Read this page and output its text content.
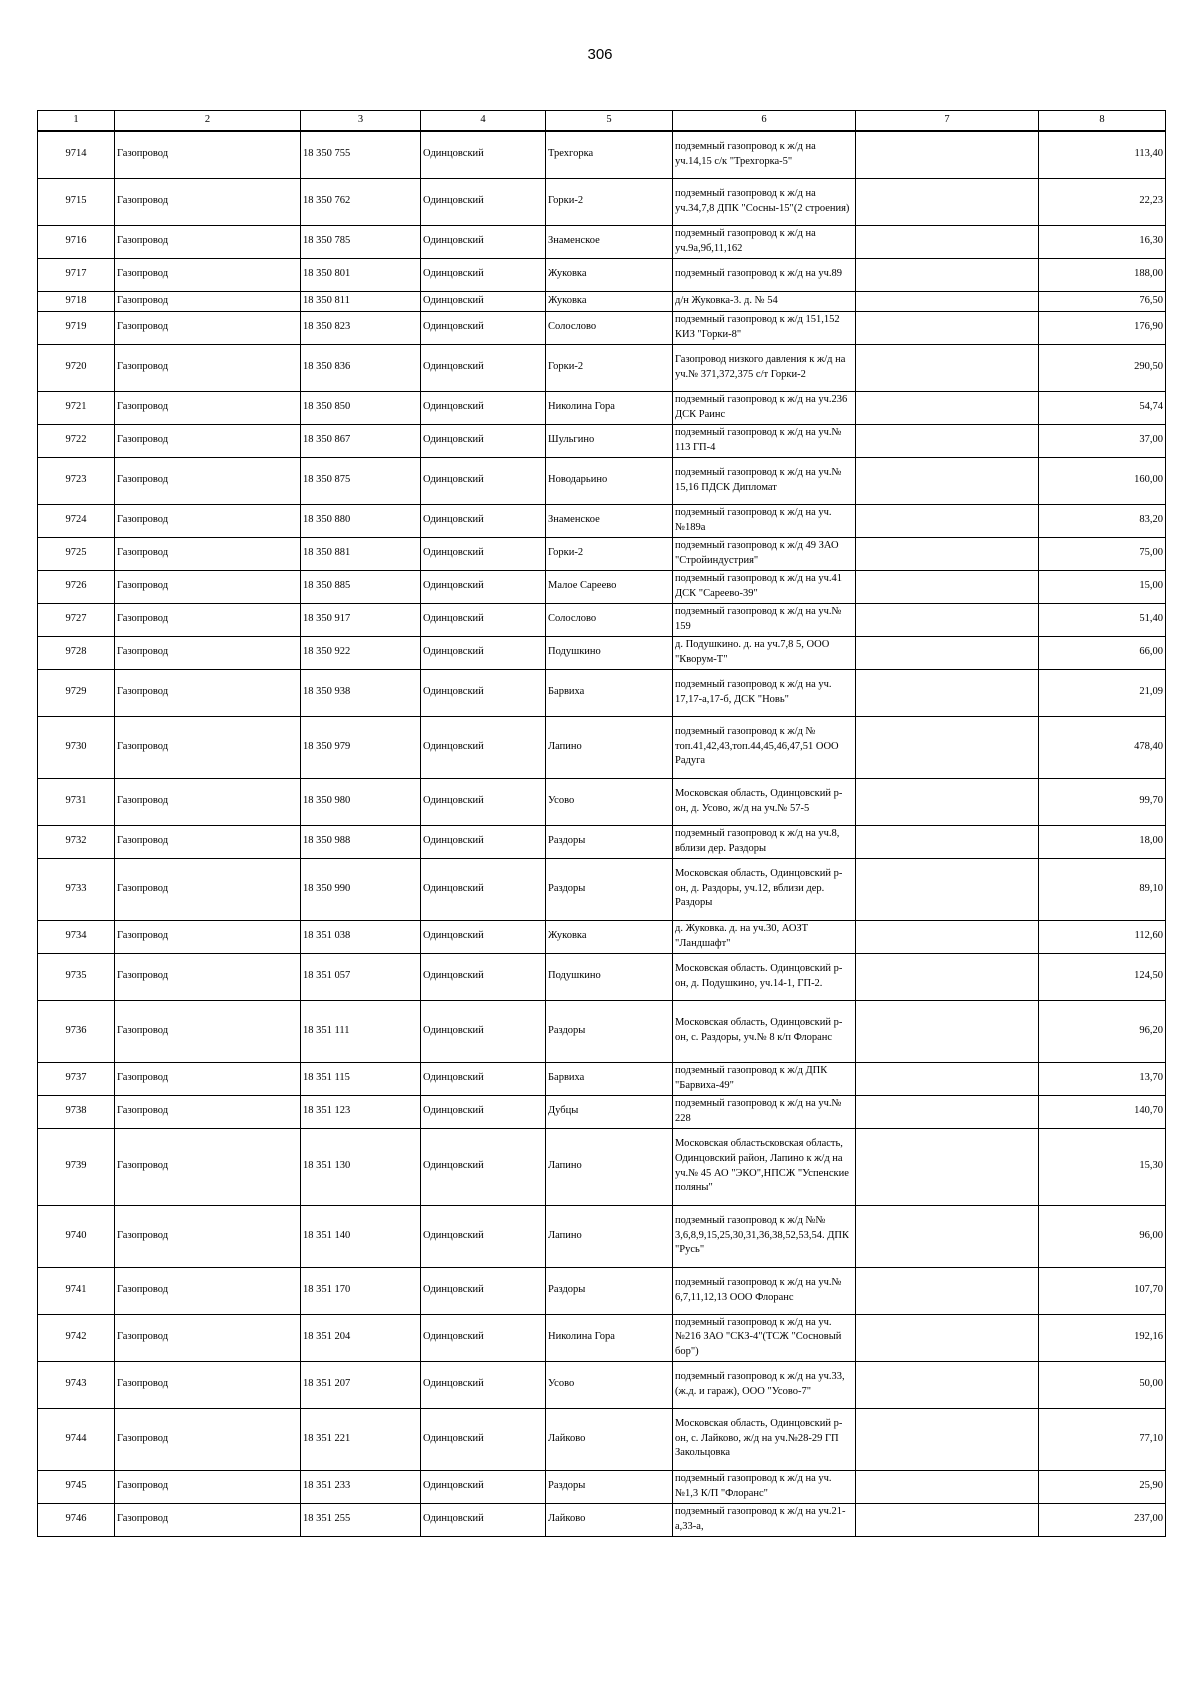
306
1	2	3	4	5	6	7	8
9714	Газопровод	18 350 755	Одинцовский	Трехгорка	подземный газопровод к ж/д на уч.14,15 с/к "Трехгорка-5"		113,40
9715	Газопровод	18 350 762	Одинцовский	Горки-2	подземный газопровод к ж/д на уч.34,7,8 ДПК "Сосны-15"(2 строения)		22,23
9716	Газопровод	18 350 785	Одинцовский	Знаменское	подземный газопровод к ж/д на уч.9а,9б,11,162		16,30
9717	Газопровод	18 350 801	Одинцовский	Жуковка	подземный газопровод к ж/д на уч.89		188,00
9718	Газопровод	18 350 811	Одинцовский	Жуковка	д/н Жуковка-3. д. № 54		76,50
9719	Газопровод	18 350 823	Одинцовский	Солослово	подземный газопровод к ж/д 151,152 КИЗ "Горки-8"		176,90
9720	Газопровод	18 350 836	Одинцовский	Горки-2	Газопровод низкого давления к ж/д на уч.№ 371,372,375 с/т Горки-2		290,50
9721	Газопровод	18 350 850	Одинцовский	Николина Гора	подземный газопровод к ж/д на уч.236 ДСК Раинс		54,74
9722	Газопровод	18 350 867	Одинцовский	Шульгино	подземный газопровод к ж/д на уч.№ 113 ГП-4		37,00
9723	Газопровод	18 350 875	Одинцовский	Новодарьино	подземный газопровод к ж/д на уч.№ 15,16 ПДСК Дипломат		160,00
9724	Газопровод	18 350 880	Одинцовский	Знаменское	подземный газопровод к ж/д на уч.№189а		83,20
9725	Газопровод	18 350 881	Одинцовский	Горки-2	подземный газопровод к ж/д 49 ЗАО "Стройиндустрия"		75,00
9726	Газопровод	18 350 885	Одинцовский	Малое Сареево	подземный газопровод к ж/д на уч.41 ДСК "Сареево-39"		15,00
9727	Газопровод	18 350 917	Одинцовский	Солослово	подземный газопровод к ж/д на уч.№ 159		51,40
9728	Газопровод	18 350 922	Одинцовский	Подушкино	д. Подушкино. д. на уч.7,8 5, ООО "Кворум-Т"		66,00
9729	Газопровод	18 350 938	Одинцовский	Барвиха	подземный газопровод к ж/д на уч. 17,17-а,17-б, ДСК "Новь"		21,09
9730	Газопровод	18 350 979	Одинцовский	Лапино	подземный газопровод к ж/д № топ.41,42,43,топ.44,45,46,47,51 ООО Радуга		478,40
9731	Газопровод	18 350 980	Одинцовский	Усово	Московская область, Одинцовский р-он, д. Усово, ж/д на уч.№ 57-5		99,70
9732	Газопровод	18 350 988	Одинцовский	Раздоры	подземный газопровод к ж/д на уч.8, вблизи дер. Раздоры		18,00
9733	Газопровод	18 350 990	Одинцовский	Раздоры	Московская область, Одинцовский р-он, д. Раздоры, уч.12, вблизи дер. Раздоры		89,10
9734	Газопровод	18 351 038	Одинцовский	Жуковка	д. Жуковка. д. на уч.30, АОЗТ "Ландшафт"		112,60
9735	Газопровод	18 351 057	Одинцовский	Подушкино	Московская область. Одинцовский р-он, д. Подушкино, уч.14-1, ГП-2.		124,50
9736	Газопровод	18 351 111	Одинцовский	Раздоры	Московская область, Одинцовский р-он, с. Раздоры, уч.№ 8 к/п Флоранс		96,20
9737	Газопровод	18 351 115	Одинцовский	Барвиха	подземный газопровод к ж/д ДПК "Барвиха-49"		13,70
9738	Газопровод	18 351 123	Одинцовский	Дубцы	подземный газопровод к ж/д на уч.№ 228		140,70
9739	Газопровод	18 351 130	Одинцовский	Лапино	Московская областьсковская область, Одинцовский район, Лапино к ж/д на уч.№ 45 АО "ЭКО",НПСЖ "Успенские поляны"		15,30
9740	Газопровод	18 351 140	Одинцовский	Лапино	подземный газопровод к ж/д №№ 3,6,8,9,15,25,30,31,36,38,52,53,54. ДПК "Русь"		96,00
9741	Газопровод	18 351 170	Одинцовский	Раздоры	подземный газопровод к ж/д на уч.№ 6,7,11,12,13 ООО Флоранс		107,70
9742	Газопровод	18 351 204	Одинцовский	Николина Гора	подземный газопровод к ж/д на уч.№216 ЗАО "СКЗ-4"(ТСЖ "Сосновый бор")		192,16
9743	Газопровод	18 351 207	Одинцовский	Усово	подземный газопровод к ж/д на уч.33, (ж.д. и гараж), ООО "Усово-7"		50,00
9744	Газопровод	18 351 221	Одинцовский	Лайково	Московская область, Одинцовский р-он, с. Лайково, ж/д на уч.№28-29 ГП Закольцовка		77,10
9745	Газопровод	18 351 233	Одинцовский	Раздоры	подземный газопровод к ж/д на уч.№1,3 К/П "Флоранс"		25,90
9746	Газопровод	18 351 255	Одинцовский	Лайково	подземный газопровод к ж/д на уч.21-а,33-а,		237,00
